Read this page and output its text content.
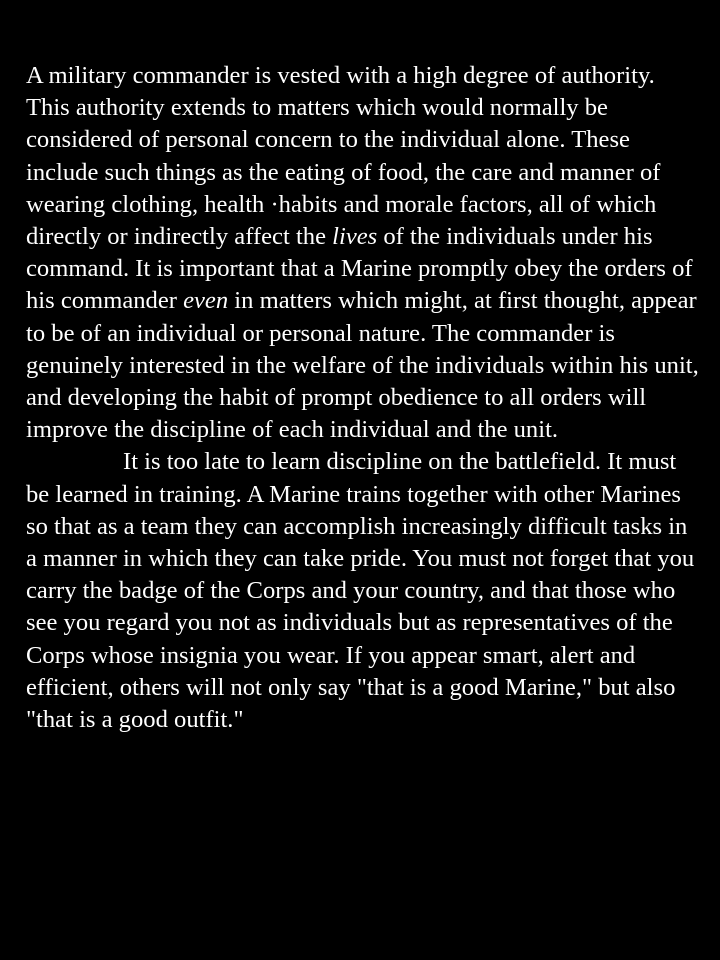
A military commander is vested with a high degree of authority. This authority extends to matters which would normally be considered of personal concern to the individual alone. These include such things as the eating of food, the care and manner of wearing clothing, health ·habits and morale factors, all of which directly or indirectly affect the lives of the individuals under his command. It is important that a Marine promptly obey the orders of his commander even in matters which might, at first thought, appear to be of an individual or personal nature. The commander is genuinely interested in the welfare of the individuals within his unit, and developing the habit of prompt obedience to all orders will improve the discipline of each individual and the unit.

It is too late to learn discipline on the battlefield. It must be learned in training. A Marine trains together with other Marines so that as a team they can accomplish increasingly difficult tasks in a manner in which they can take pride. You must not forget that you carry the badge of the Corps and your country, and that those who see you regard you not as individuals but as representatives of the Corps whose insignia you wear. If you appear smart, alert and efficient, others will not only say "that is a good Marine," but also "that is a good outfit."
